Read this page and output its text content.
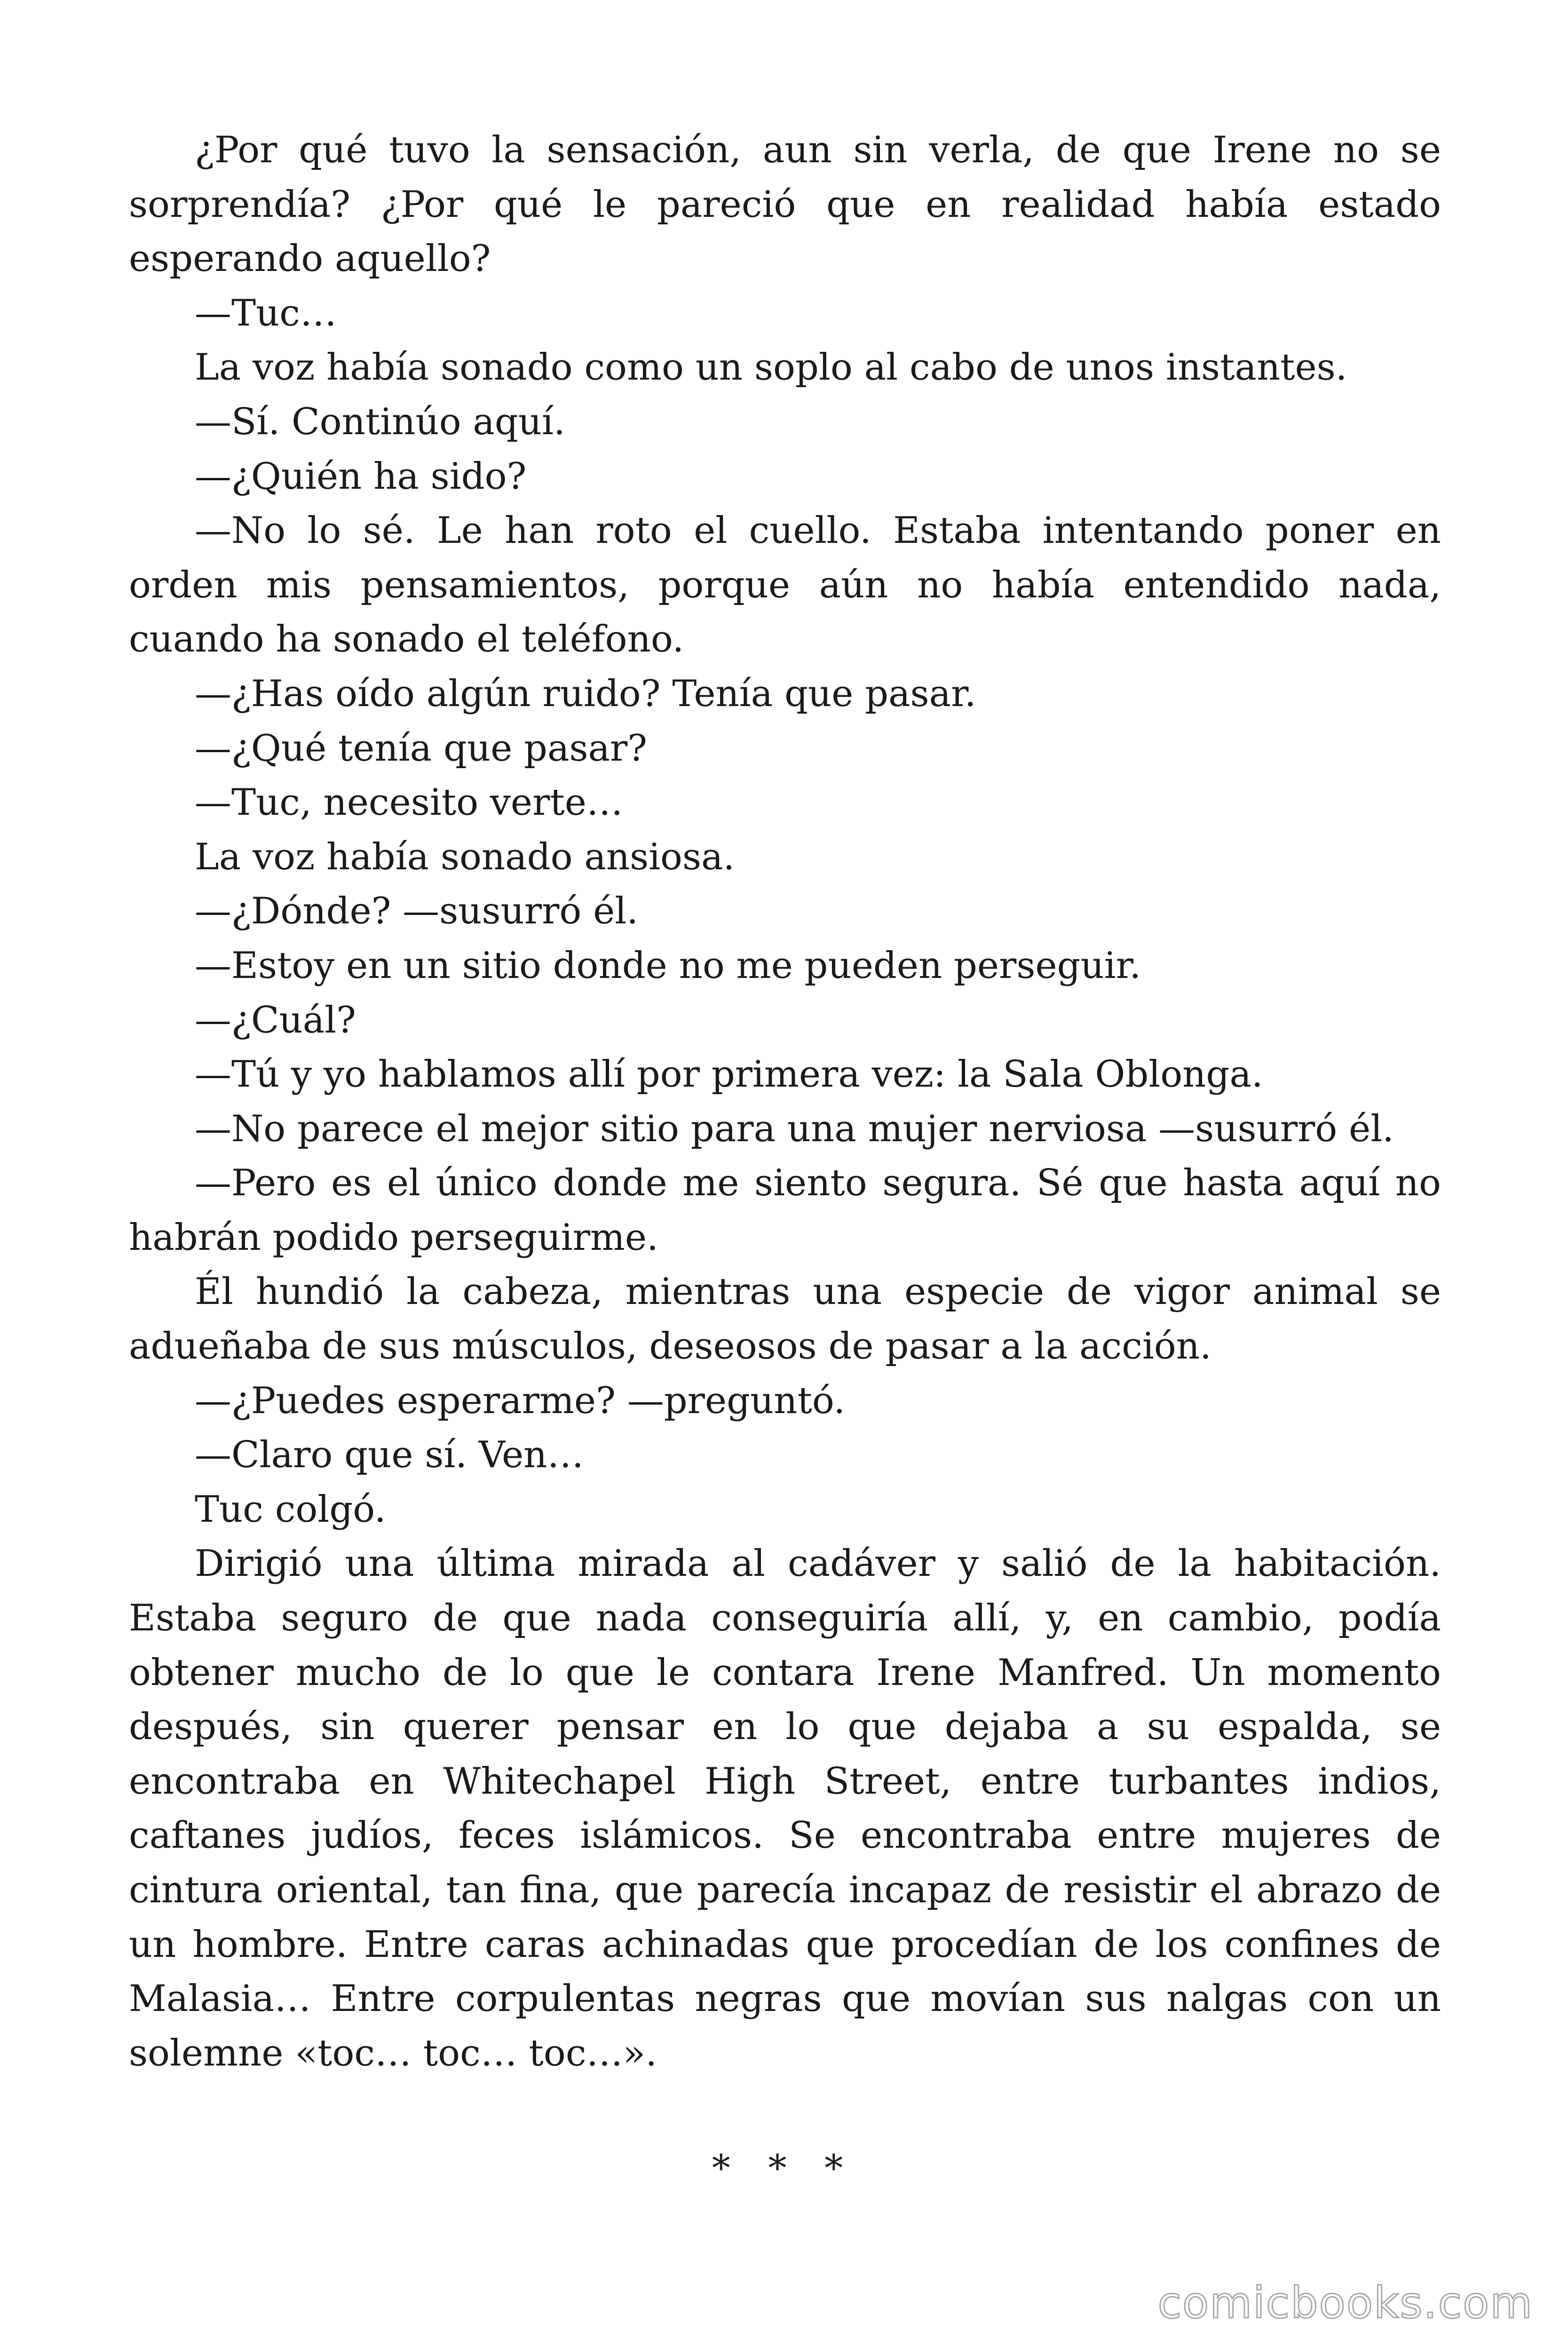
¿Por qué tuvo la sensación, aun sin verla, de que Irene no se sorprendía? ¿Por qué le pareció que en realidad había estado esperando aquello?

—Tuc…

La voz había sonado como un soplo al cabo de unos instantes.

—Sí. Continúo aquí.

—¿Quién ha sido?

—No lo sé. Le han roto el cuello. Estaba intentando poner en orden mis pensamientos, porque aún no había entendido nada, cuando ha sonado el teléfono.

—¿Has oído algún ruido? Tenía que pasar.

—¿Qué tenía que pasar?

—Tuc, necesito verte…

La voz había sonado ansiosa.

—¿Dónde? —susurró él.

—Estoy en un sitio donde no me pueden perseguir.

—¿Cuál?

—Tú y yo hablamos allí por primera vez: la Sala Oblonga.

—No parece el mejor sitio para una mujer nerviosa —susurró él.

—Pero es el único donde me siento segura. Sé que hasta aquí no habrán podido perseguirme.

Él hundió la cabeza, mientras una especie de vigor animal se adueñaba de sus músculos, deseosos de pasar a la acción.

—¿Puedes esperarme? —preguntó.

—Claro que sí. Ven…

Tuc colgó.

Dirigió una última mirada al cadáver y salió de la habitación. Estaba seguro de que nada conseguiría allí, y, en cambio, podía obtener mucho de lo que le contara Irene Manfred. Un momento después, sin querer pensar en lo que dejaba a su espalda, se encontraba en Whitechapel High Street, entre turbantes indios, caftanes judíos, feces islámicos. Se encontraba entre mujeres de cintura oriental, tan fina, que parecía incapaz de resistir el abrazo de un hombre. Entre caras achinadas que procedían de los confines de Malasia… Entre corpulentas negras que movían sus nalgas con un solemne «toc… toc… toc…».

* * *
comicbooks.com
